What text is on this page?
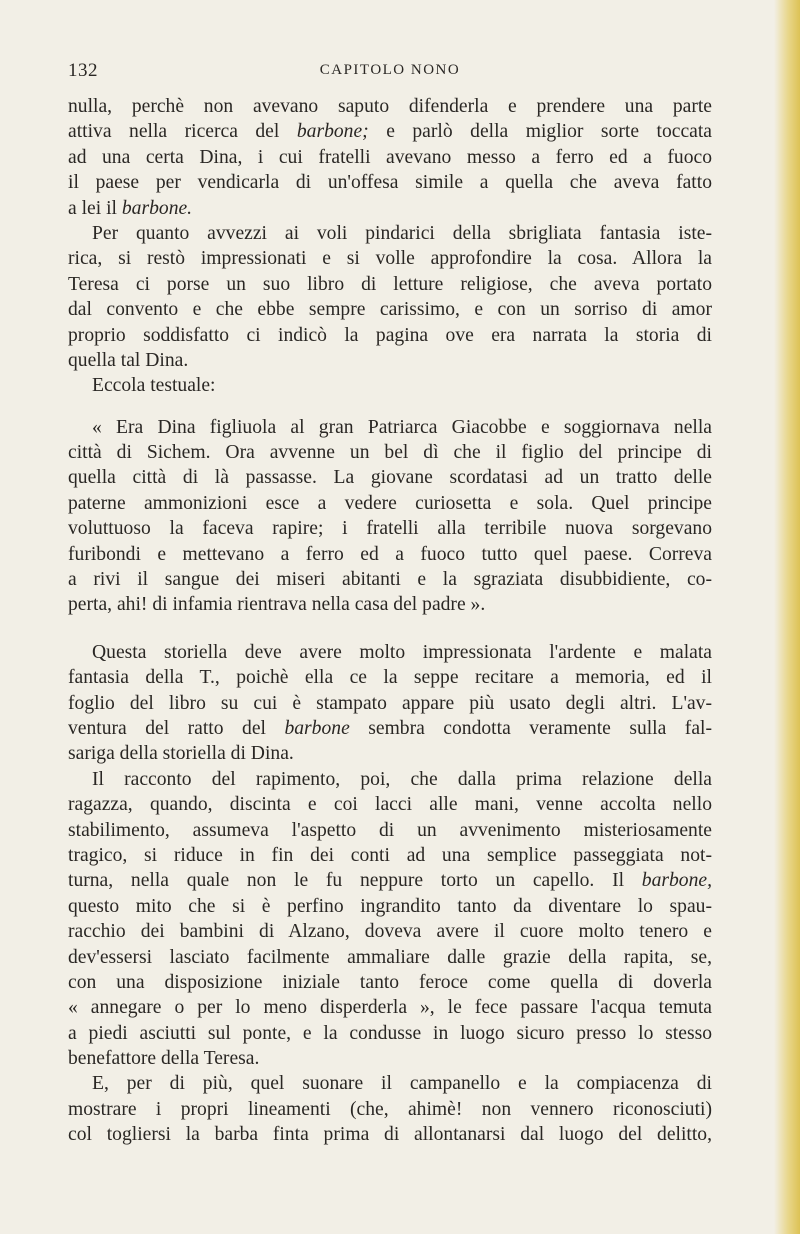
132	CAPITOLO NONO
nulla, perchè non avevano saputo difenderla e prendere una parte
attiva nella ricerca del barbone; e parlò della miglior sorte toccata
ad una certa Dina, i cui fratelli avevano messo a ferro ed a fuoco
il paese per vendicarla di un'offesa simile a quella che aveva fatto
a lei il barbone.
Per quanto avvezzi ai voli pindarici della sbrigliata fantasia iste-
rica, si restò impressionati e si volle approfondire la cosa. Allora la
Teresa ci porse un suo libro di letture religiose, che aveva portato
dal convento e che ebbe sempre carissimo, e con un sorriso di amor
proprio soddisfatto ci indicò la pagina ove era narrata la storia di
quella tal Dina.
Eccola testuale:
« Era Dina figliuola al gran Patriarca Giacobbe e soggiornava nella
città di Sichem. Ora avvenne un bel dì che il figlio del principe di
quella città di là passasse. La giovane scordatasi ad un tratto delle
paterne ammonizioni esce a vedere curiosetta e sola. Quel principe
voluttuoso la faceva rapire; i fratelli alla terribile nuova sorgevano
furibondi e mettevano a ferro ed a fuoco tutto quel paese. Correva
a rivi il sangue dei miseri abitanti e la sgraziata disubbidiente, co-
perta, ahi! di infamia rientrava nella casa del padre ».
Questa storiella deve avere molto impressionata l'ardente e malata
fantasia della T., poichè ella ce la seppe recitare a memoria, ed il
foglio del libro su cui è stampato appare più usato degli altri. L'av-
ventura del ratto del barbone sembra condotta veramente sulla fal-
sariga della storiella di Dina.
Il racconto del rapimento, poi, che dalla prima relazione della
ragazza, quando, discinta e coi lacci alle mani, venne accolta nello
stabilimento, assumeva l'aspetto di un avvenimento misteriosamente
tragico, si riduce in fin dei conti ad una semplice passeggiata not-
turna, nella quale non le fu neppure torto un capello. Il barbone,
questo mito che si è perfino ingrandito tanto da diventare lo spau-
racchio dei bambini di Alzano, doveva avere il cuore molto tenero e
dev'essersi lasciato facilmente ammaliare dalle grazie della rapita, se,
con una disposizione iniziale tanto feroce come quella di doverla
« annegare o per lo meno disperderla », le fece passare l'acqua temuta
a piedi asciutti sul ponte, e la condusse in luogo sicuro presso lo stesso
benefattore della Teresa.
E, per di più, quel suonare il campanello e la compiacenza di
mostrare i propri lineamenti (che, ahimè! non vennero riconosciuti)
col togliersi la barba finta prima di allontanarsi dal luogo del delitto,
